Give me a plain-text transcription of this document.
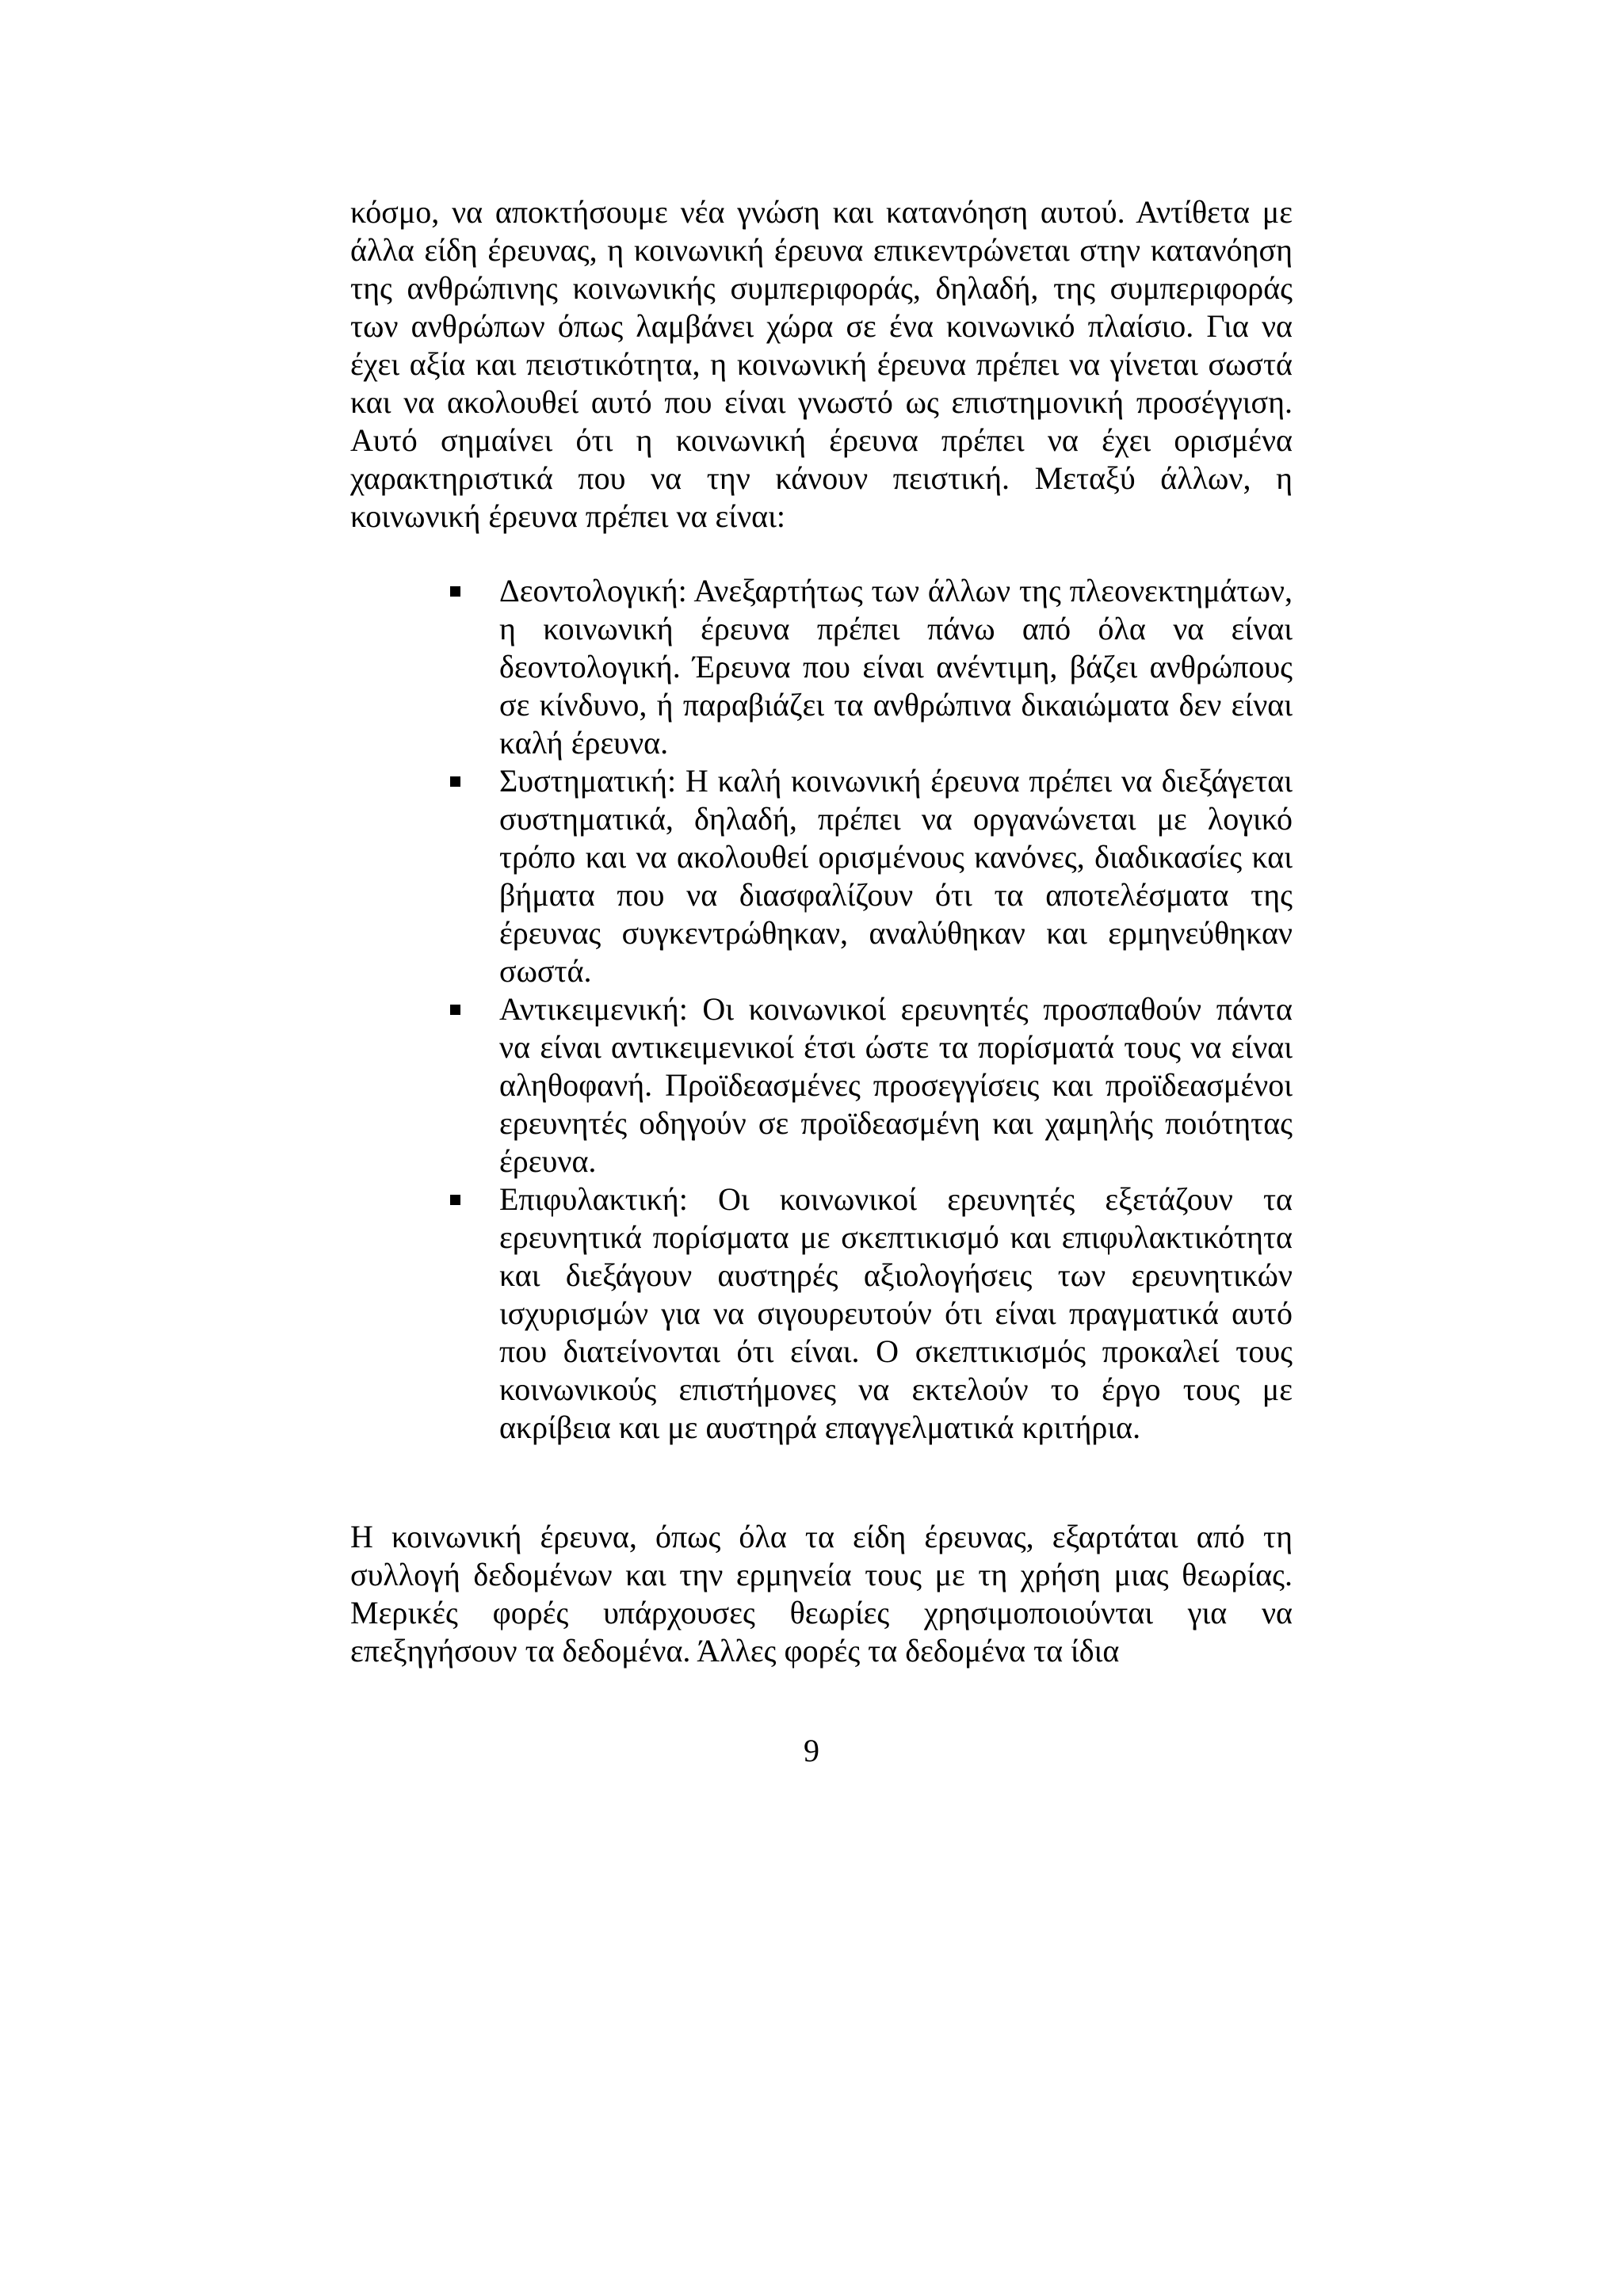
κόσμο, να αποκτήσουμε νέα γνώση και κατανόηση αυτού. Αντίθετα με άλλα είδη έρευνας, η κοινωνική έρευνα επικεντρώνεται στην κατανόηση της ανθρώπινης κοινωνικής συμπεριφοράς, δηλαδή, της συμπεριφοράς των ανθρώπων όπως λαμβάνει χώρα σε ένα κοινωνικό πλαίσιο. Για να έχει αξία και πειστικότητα, η κοινωνική έρευνα πρέπει να γίνεται σωστά και να ακολουθεί αυτό που είναι γνωστό ως επιστημονική προσέγγιση. Αυτό σημαίνει ότι η κοινωνική έρευνα πρέπει να έχει ορισμένα χαρακτηριστικά που να την κάνουν πειστική. Μεταξύ άλλων, η κοινωνική έρευνα πρέπει να είναι:

Δεοντολογική: Ανεξαρτήτως των άλλων της πλεονεκτημάτων, η κοινωνική έρευνα πρέπει πάνω από όλα να είναι δεοντολογική. Έρευνα που είναι ανέντιμη, βάζει ανθρώπους σε κίνδυνο, ή παραβιάζει τα ανθρώπινα δικαιώματα δεν είναι καλή έρευνα.
Συστηματική: Η καλή κοινωνική έρευνα πρέπει να διεξάγεται συστηματικά, δηλαδή, πρέπει να οργανώνεται με λογικό τρόπο και να ακολουθεί ορισμένους κανόνες, διαδικασίες και βήματα που να διασφαλίζουν ότι τα αποτελέσματα της έρευνας συγκεντρώθηκαν, αναλύθηκαν και ερμηνεύθηκαν σωστά.
Αντικειμενική: Οι κοινωνικοί ερευνητές προσπαθούν πάντα να είναι αντικειμενικοί έτσι ώστε τα πορίσματά τους να είναι αληθοφανή. Προϊδεασμένες προσεγγίσεις και προϊδεασμένοι ερευνητές οδηγούν σε προϊδεασμένη και χαμηλής ποιότητας έρευνα.
Επιφυλακτική: Οι κοινωνικοί ερευνητές εξετάζουν τα ερευνητικά πορίσματα με σκεπτικισμό και επιφυλακτικότητα και διεξάγουν αυστηρές αξιολογήσεις των ερευνητικών ισχυρισμών για να σιγουρευτούν ότι είναι πραγματικά αυτό που διατείνονται ότι είναι. Ο σκεπτικισμός προκαλεί τους κοινωνικούς επιστήμονες να εκτελούν το έργο τους με ακρίβεια και με αυστηρά επαγγελματικά κριτήρια.

Η κοινωνική έρευνα, όπως όλα τα είδη έρευνας, εξαρτάται από τη συλλογή δεδομένων και την ερμηνεία τους με τη χρήση μιας θεωρίας. Μερικές φορές υπάρχουσες θεωρίες χρησιμοποιούνται για να επεξηγήσουν τα δεδομένα. Άλλες φορές τα δεδομένα τα ίδια

9
